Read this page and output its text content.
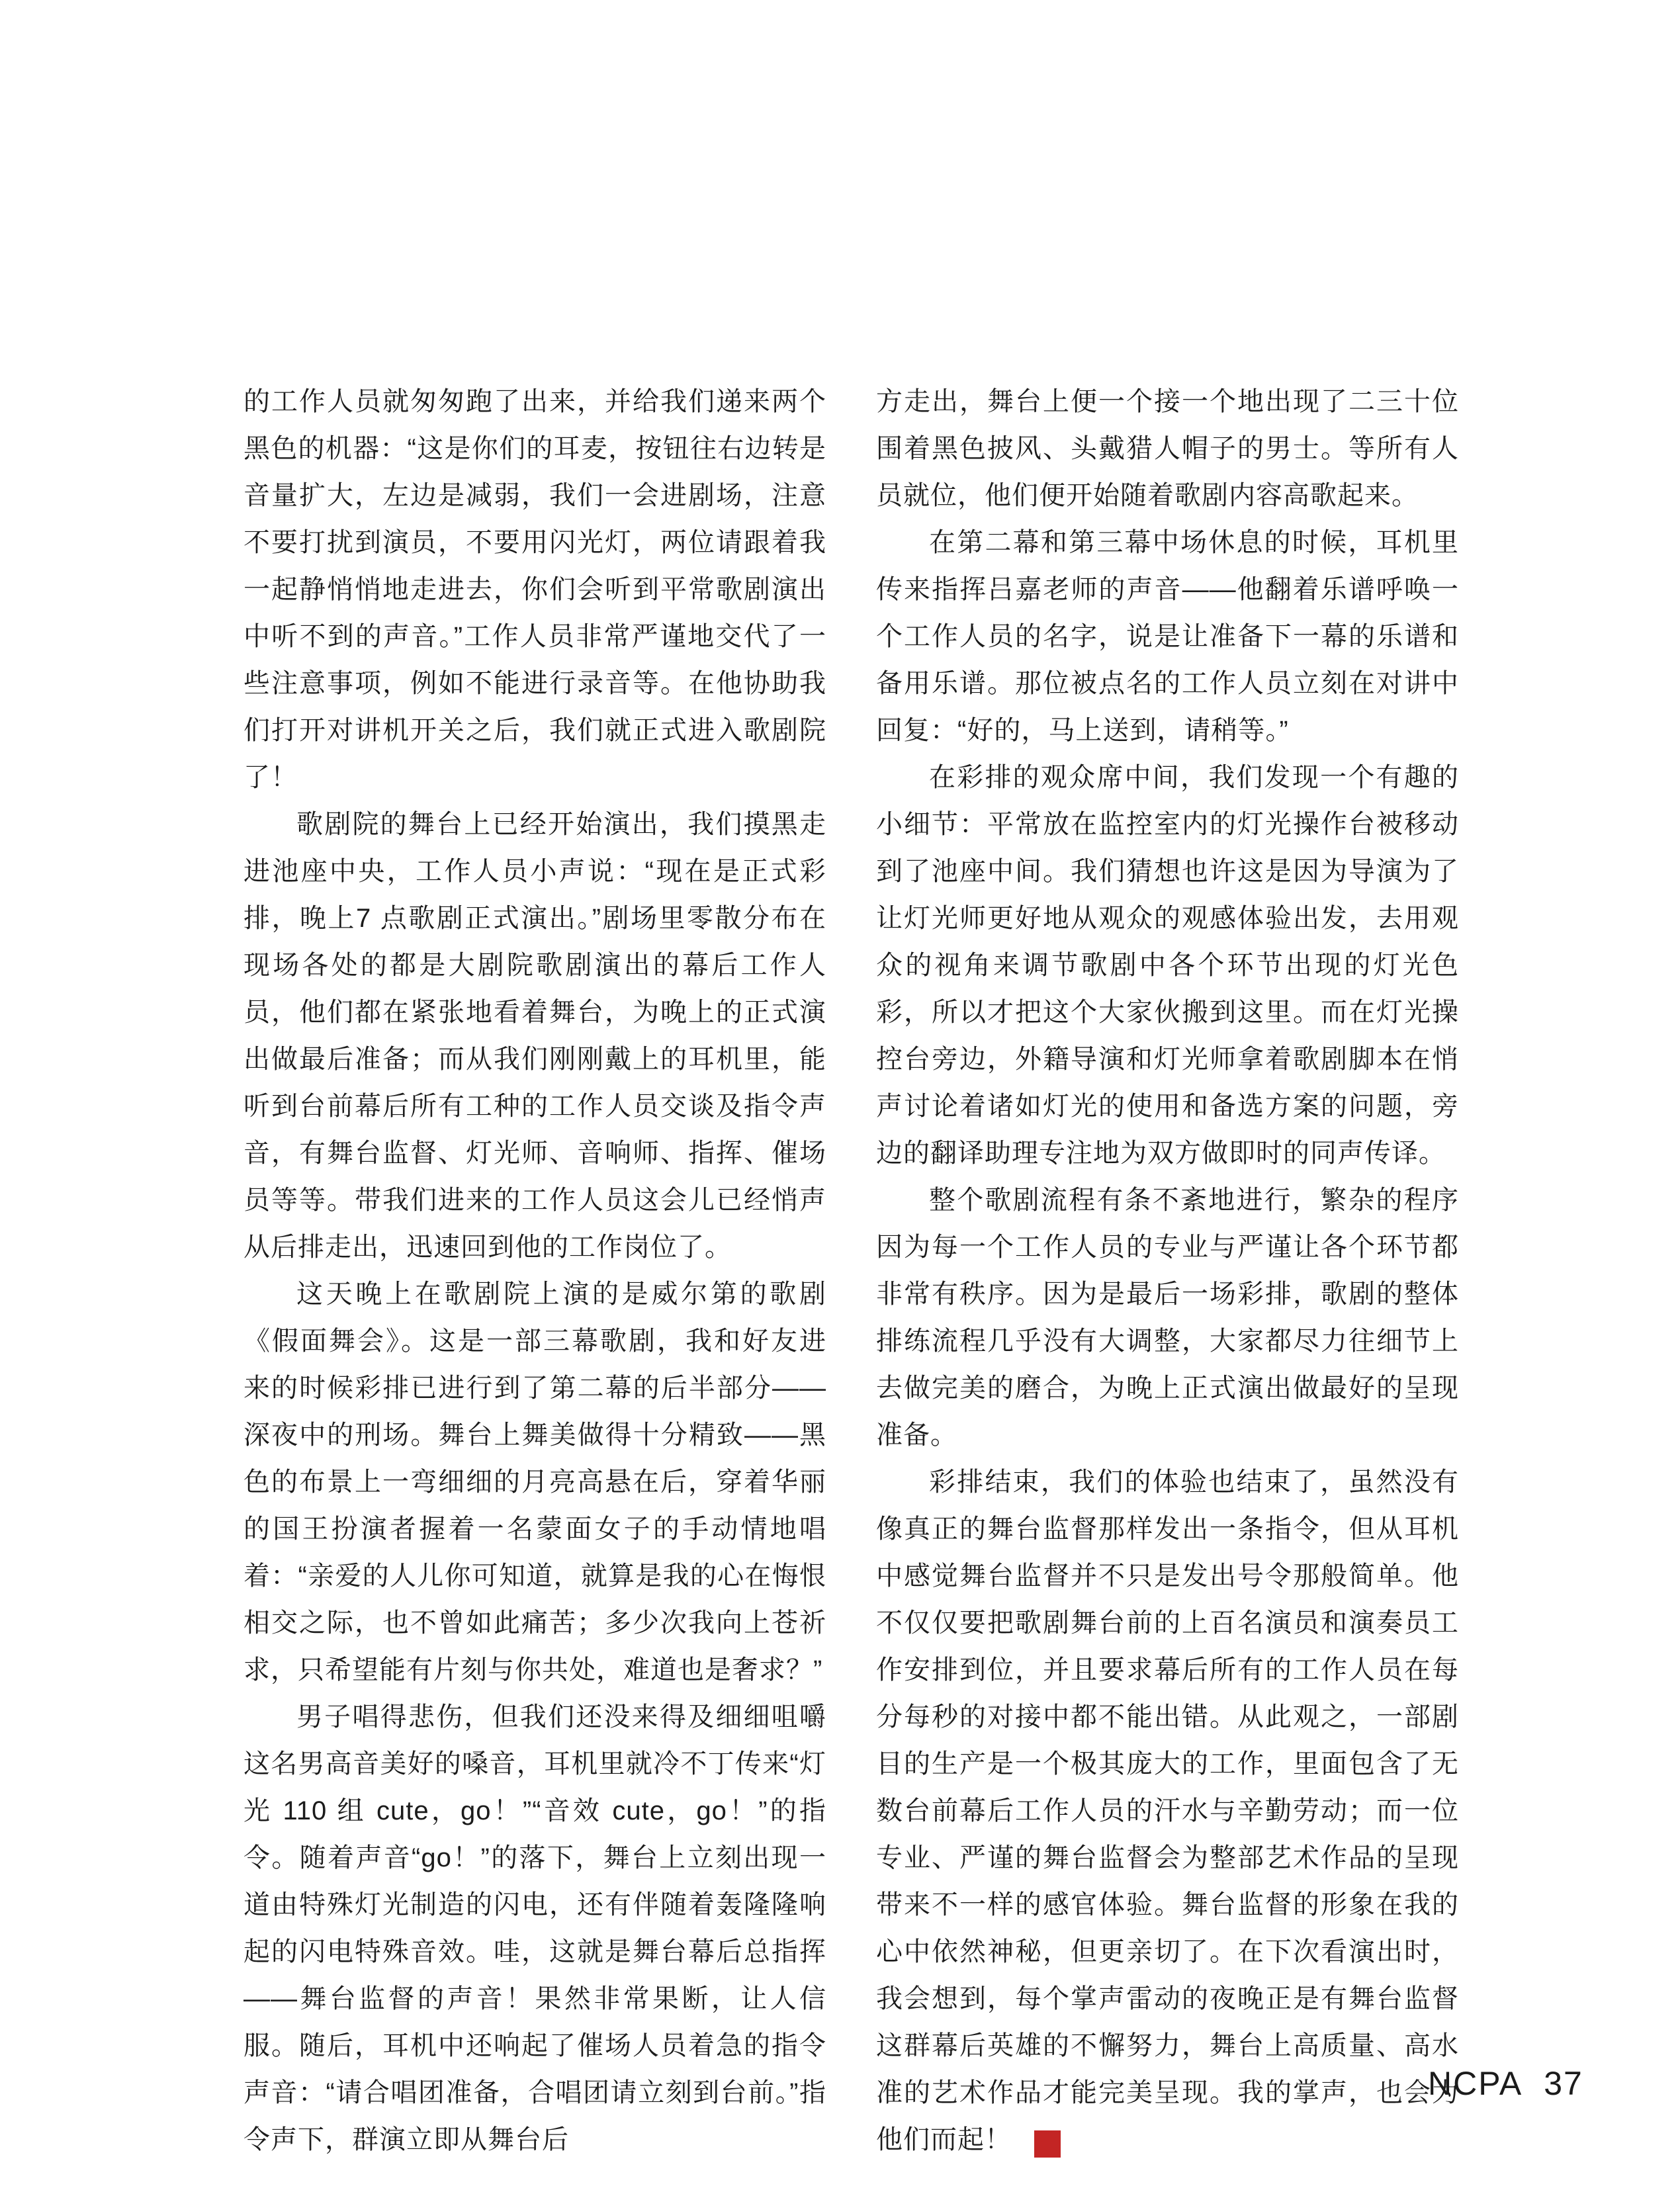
的工作人员就匆匆跑了出来，并给我们递来两个黑色的机器：“这是你们的耳麦，按钮往右边转是音量扩大，左边是减弱，我们一会进剧场，注意不要打扰到演员，不要用闪光灯，两位请跟着我一起静悄悄地走进去，你们会听到平常歌剧演出中听不到的声音。”工作人员非常严谨地交代了一些注意事项，例如不能进行录音等。在他协助我们打开对讲机开关之后，我们就正式进入歌剧院了！

歌剧院的舞台上已经开始演出，我们摸黑走进池座中央，工作人员小声说：“现在是正式彩排，晚上7 点歌剧正式演出。”剧场里零散分布在现场各处的都是大剧院歌剧演出的幕后工作人员，他们都在紧张地看着舞台，为晚上的正式演出做最后准备；而从我们刚刚戴上的耳机里，能听到台前幕后所有工种的工作人员交谈及指令声音，有舞台监督、灯光师、音响师、指挥、催场员等等。带我们进来的工作人员这会儿已经悄声从后排走出，迅速回到他的工作岗位了。

这天晚上在歌剧院上演的是威尔第的歌剧《假面舞会》。这是一部三幕歌剧，我和好友进来的时候彩排已进行到了第二幕的后半部分——深夜中的刑场。舞台上舞美做得十分精致——黑色的布景上一弯细细的月亮高悬在后，穿着华丽的国王扮演者握着一名蒙面女子的手动情地唱着：“亲爱的人儿你可知道，就算是我的心在悔恨相交之际，也不曾如此痛苦；多少次我向上苍祈求，只希望能有片刻与你共处，难道也是奢求？”

男子唱得悲伤，但我们还没来得及细细咀嚼这名男高音美好的嗓音，耳机里就冷不丁传来“灯光 110 组 cute，go！”“音效 cute，go！”的指令。随着声音“go！”的落下，舞台上立刻出现一道由特殊灯光制造的闪电，还有伴随着轰隆隆响起的闪电特殊音效。哇，这就是舞台幕后总指挥——舞台监督的声音！果然非常果断，让人信服。随后，耳机中还响起了催场人员着急的指令声音：“请合唱团准备，合唱团请立刻到台前。”指令声下，群演立即从舞台后

方走出，舞台上便一个接一个地出现了二三十位围着黑色披风、头戴猎人帽子的男士。等所有人员就位，他们便开始随着歌剧内容高歌起来。

在第二幕和第三幕中场休息的时候，耳机里传来指挥吕嘉老师的声音——他翻着乐谱呼唤一个工作人员的名字，说是让准备下一幕的乐谱和备用乐谱。那位被点名的工作人员立刻在对讲中回复：“好的，马上送到，请稍等。”

在彩排的观众席中间，我们发现一个有趣的小细节：平常放在监控室内的灯光操作台被移动到了池座中间。我们猜想也许这是因为导演为了让灯光师更好地从观众的观感体验出发，去用观众的视角来调节歌剧中各个环节出现的灯光色彩，所以才把这个大家伙搬到这里。而在灯光操控台旁边，外籍导演和灯光师拿着歌剧脚本在悄声讨论着诸如灯光的使用和备选方案的问题，旁边的翻译助理专注地为双方做即时的同声传译。

整个歌剧流程有条不紊地进行，繁杂的程序因为每一个工作人员的专业与严谨让各个环节都非常有秩序。因为是最后一场彩排，歌剧的整体排练流程几乎没有大调整，大家都尽力往细节上去做完美的磨合，为晚上正式演出做最好的呈现准备。

彩排结束，我们的体验也结束了，虽然没有像真正的舞台监督那样发出一条指令，但从耳机中感觉舞台监督并不只是发出号令那般简单。他不仅仅要把歌剧舞台前的上百名演员和演奏员工作安排到位，并且要求幕后所有的工作人员在每分每秒的对接中都不能出错。从此观之，一部剧目的生产是一个极其庞大的工作，里面包含了无数台前幕后工作人员的汗水与辛勤劳动；而一位专业、严谨的舞台监督会为整部艺术作品的呈现带来不一样的感官体验。舞台监督的形象在我的心中依然神秘，但更亲切了。在下次看演出时，我会想到，每个掌声雷动的夜晚正是有舞台监督这群幕后英雄的不懈努力，舞台上高质量、高水准的艺术作品才能完美呈现。我的掌声，也会为他们而起！ $\frac{NC}{PA}$

NCPA 37
